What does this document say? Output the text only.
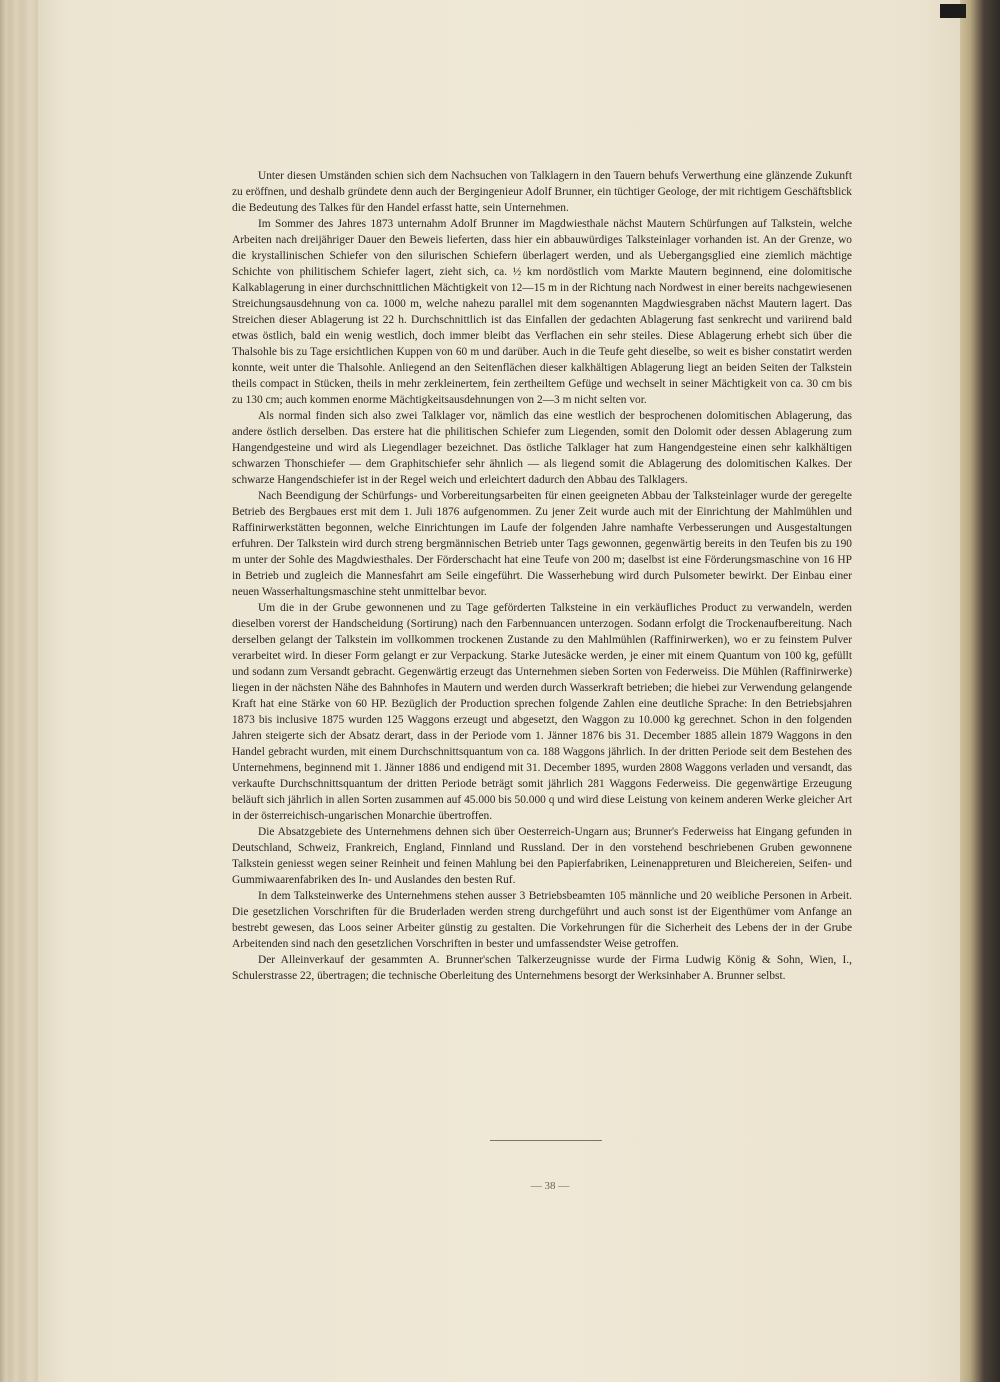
Unter diesen Umständen schien sich dem Nachsuchen von Talklagern in den Tauern behufs Verwerthung eine glänzende Zukunft zu eröffnen, und deshalb gründete denn auch der Bergingenieur Adolf Brunner, ein tüchtiger Geologe, der mit richtigem Geschäftsblick die Bedeutung des Talkes für den Handel erfasst hatte, sein Unternehmen.

Im Sommer des Jahres 1873 unternahm Adolf Brunner im Magdwiesthale nächst Mautern Schürfungen auf Talkstein, welche Arbeiten nach dreijähriger Dauer den Beweis lieferten, dass hier ein abbauwürdiges Talksteinlager vorhanden ist. An der Grenze, wo die krystallinischen Schiefer von den silurischen Schiefern überlagert werden, und als Uebergangsglied eine ziemlich mächtige Schichte von philitischem Schiefer lagert, zieht sich, ca. ½ km nordöstlich vom Markte Mautern beginnend, eine dolomitische Kalkablagerung in einer durchschnittlichen Mächtigkeit von 12—15 m in der Richtung nach Nordwest in einer bereits nachgewiesenen Streichungsausdehnung von ca. 1000 m, welche nahezu parallel mit dem sogenannten Magdwiesgraben nächst Mautern lagert. Das Streichen dieser Ablagerung ist 22 h. Durchschnittlich ist das Einfallen der gedachten Ablagerung fast senkrecht und variirend bald etwas östlich, bald ein wenig westlich, doch immer bleibt das Verflachen ein sehr steiles. Diese Ablagerung erhebt sich über die Thalsohle bis zu Tage ersichtlichen Kuppen von 60 m und darüber. Auch in die Teufe geht dieselbe, so weit es bisher constatirt werden konnte, weit unter die Thalsohle. Anliegend an den Seitenflächen dieser kalkhältigen Ablagerung liegt an beiden Seiten der Talkstein theils compact in Stücken, theils in mehr zerkleinertem, fein zertheiltem Gefüge und wechselt in seiner Mächtigkeit von ca. 30 cm bis zu 130 cm; auch kommen enorme Mächtigkeitsausdehnungen von 2—3 m nicht selten vor.

Als normal finden sich also zwei Talklager vor, nämlich das eine westlich der besprochenen dolomitischen Ablagerung, das andere östlich derselben. Das erstere hat die philitischen Schiefer zum Liegenden, somit den Dolomit oder dessen Ablagerung zum Hangendgesteine und wird als Liegendlager bezeichnet. Das östliche Talklager hat zum Hangendgesteine einen sehr kalkhältigen schwarzen Thonschiefer — dem Graphitschiefer sehr ähnlich — als liegend somit die Ablagerung des dolomitischen Kalkes. Der schwarze Hangendschiefer ist in der Regel weich und erleichtert dadurch den Abbau des Talklagers.

Nach Beendigung der Schürfungs- und Vorbereitungsarbeiten für einen geeigneten Abbau der Talksteinlager wurde der geregelte Betrieb des Bergbaues erst mit dem 1. Juli 1876 aufgenommen. Zu jener Zeit wurde auch mit der Einrichtung der Mahlmühlen und Raffinirwerkstätten begonnen, welche Einrichtungen im Laufe der folgenden Jahre namhafte Verbesserungen und Ausgestaltungen erfuhren. Der Talkstein wird durch streng bergmännischen Betrieb unter Tags gewonnen, gegenwärtig bereits in den Teufen bis zu 190 m unter der Sohle des Magdwiesthales. Der Förderschacht hat eine Teufe von 200 m; daselbst ist eine Förderungsmaschine von 16 HP in Betrieb und zugleich die Mannesfahrt am Seile eingeführt. Die Wasserhebung wird durch Pulsometer bewirkt. Der Einbau einer neuen Wasserhaltungsmaschine steht unmittelbar bevor.

Um die in der Grube gewonnenen und zu Tage geförderten Talksteine in ein verkäufliches Product zu verwandeln, werden dieselben vorerst der Handscheidung (Sortirung) nach den Farbennuancen unterzogen. Sodann erfolgt die Trockenaufbereitung. Nach derselben gelangt der Talkstein im vollkommen trockenen Zustande zu den Mahlmühlen (Raffinirwerken), wo er zu feinstem Pulver verarbeitet wird. In dieser Form gelangt er zur Verpackung. Starke Jutesäcke werden, je einer mit einem Quantum von 100 kg, gefüllt und sodann zum Versandt gebracht. Gegenwärtig erzeugt das Unternehmen sieben Sorten von Federweiss. Die Mühlen (Raffinirwerke) liegen in der nächsten Nähe des Bahnhofes in Mautern und werden durch Wasserkraft betrieben; die hiebei zur Verwendung gelangende Kraft hat eine Stärke von 60 HP. Bezüglich der Production sprechen folgende Zahlen eine deutliche Sprache: In den Betriebsjahren 1873 bis inclusive 1875 wurden 125 Waggons erzeugt und abgesetzt, den Waggon zu 10.000 kg gerechnet. Schon in den folgenden Jahren steigerte sich der Absatz derart, dass in der Periode vom 1. Jänner 1876 bis 31. December 1885 allein 1879 Waggons in den Handel gebracht wurden, mit einem Durchschnittsquantum von ca. 188 Waggons jährlich. In der dritten Periode seit dem Bestehen des Unternehmens, beginnend mit 1. Jänner 1886 und endigend mit 31. December 1895, wurden 2808 Waggons verladen und versandt, das verkaufte Durchschnittsquantum der dritten Periode beträgt somit jährlich 281 Waggons Federweiss. Die gegenwärtige Erzeugung beläuft sich jährlich in allen Sorten zusammen auf 45.000 bis 50.000 q und wird diese Leistung von keinem anderen Werke gleicher Art in der österreichisch-ungarischen Monarchie übertroffen.

Die Absatzgebiete des Unternehmens dehnen sich über Oesterreich-Ungarn aus; Brunner's Federweiss hat Eingang gefunden in Deutschland, Schweiz, Frankreich, England, Finnland und Russland. Der in den vorstehend beschriebenen Gruben gewonnene Talkstein geniesst wegen seiner Reinheit und feinen Mahlung bei den Papierfabriken, Leinenappreturen und Bleichereien, Seifen- und Gummiwaarenfabriken des In- und Auslandes den besten Ruf.

In dem Talksteinwerke des Unternehmens stehen ausser 3 Betriebsbeamten 105 männliche und 20 weibliche Personen in Arbeit. Die gesetzlichen Vorschriften für die Bruderladen werden streng durchgeführt und auch sonst ist der Eigenthümer vom Anfange an bestrebt gewesen, das Loos seiner Arbeiter günstig zu gestalten. Die Vorkehrungen für die Sicherheit des Lebens der in der Grube Arbeitenden sind nach den gesetzlichen Vorschriften in bester und umfassendster Weise getroffen.

Der Alleinverkauf der gesammten A. Brunner'schen Talkerzeugnisse wurde der Firma Ludwig König & Sohn, Wien, I., Schulerstrasse 22, übertragen; die technische Oberleitung des Unternehmens besorgt der Werksinhaber A. Brunner selbst.

— 38 —
